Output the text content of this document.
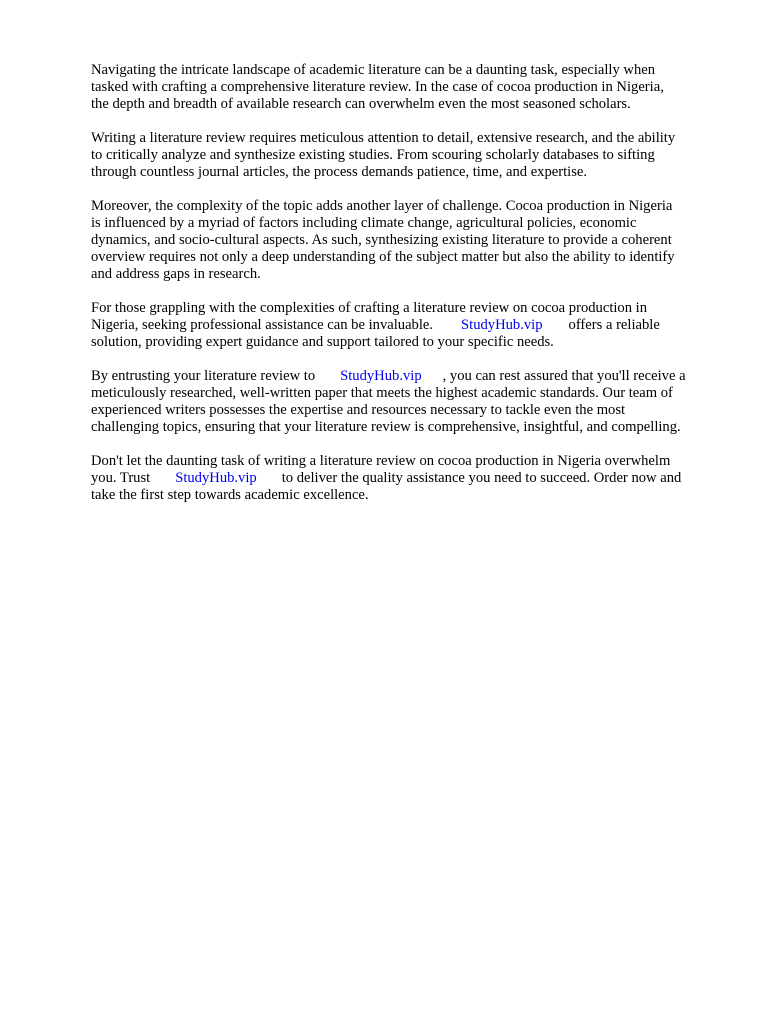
Navigating the intricate landscape of academic literature can be a daunting task, especially when
tasked with crafting a comprehensive literature review. In the case of cocoa production in Nigeria,
the depth and breadth of available research can overwhelm even the most seasoned scholars.

Writing a literature review requires meticulous attention to detail, extensive research, and the ability
to critically analyze and synthesize existing studies. From scouring scholarly databases to sifting
through countless journal articles, the process demands patience, time, and expertise.

Moreover, the complexity of the topic adds another layer of challenge. Cocoa production in Nigeria
is influenced by a myriad of factors including climate change, agricultural policies, economic
dynamics, and socio-cultural aspects. As such, synthesizing existing literature to provide a coherent
overview requires not only a deep understanding of the subject matter but also the ability to identify
and address gaps in research.

For those grappling with the complexities of crafting a literature review on cocoa production in
Nigeria, seeking professional assistance can be invaluable. StudyHub.vip offers a reliable
solution, providing expert guidance and support tailored to your specific needs.

By entrusting your literature review to StudyHub.vip , you can rest assured that you'll receive a
meticulously researched, well-written paper that meets the highest academic standards. Our team of
experienced writers possesses the expertise and resources necessary to tackle even the most
challenging topics, ensuring that your literature review is comprehensive, insightful, and compelling.

Don't let the daunting task of writing a literature review on cocoa production in Nigeria overwhelm
you. Trust StudyHub.vip to deliver the quality assistance you need to succeed. Order now and
take the first step towards academic excellence.
